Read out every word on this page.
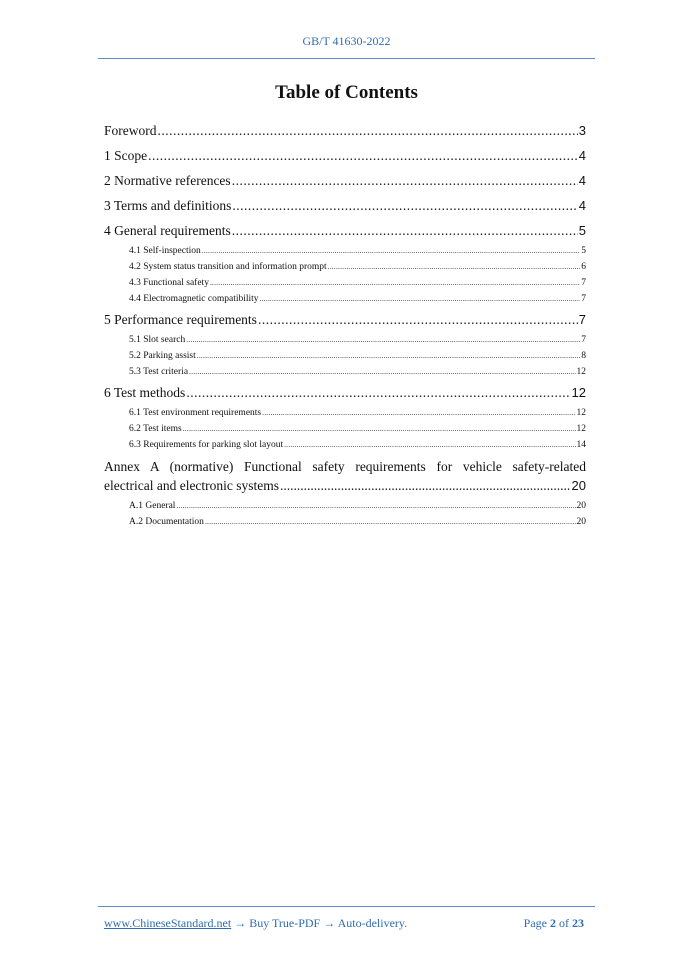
GB/T 41630-2022
Table of Contents
Foreword .....	3
1 Scope .....	4
2 Normative references .....	4
3 Terms and definitions .....	4
4 General requirements .....	5
4.1 Self-inspection .....	5
4.2 System status transition and information prompt .....	6
4.3 Functional safety .....	7
4.4 Electromagnetic compatibility .....	7
5 Performance requirements .....	7
5.1 Slot search .....	7
5.2 Parking assist .....	8
5.3 Test criteria .....	12
6 Test methods .....	12
6.1 Test environment requirements .....	12
6.2 Test items .....	12
6.3 Requirements for parking slot layout .....	14
Annex A (normative) Functional safety requirements for vehicle safety-related
electrical and electronic systems .....	20
A.1 General .....	20
A.2 Documentation .....	20
www.ChineseStandard.net → Buy True-PDF → Auto-delivery.	Page 2 of 23
